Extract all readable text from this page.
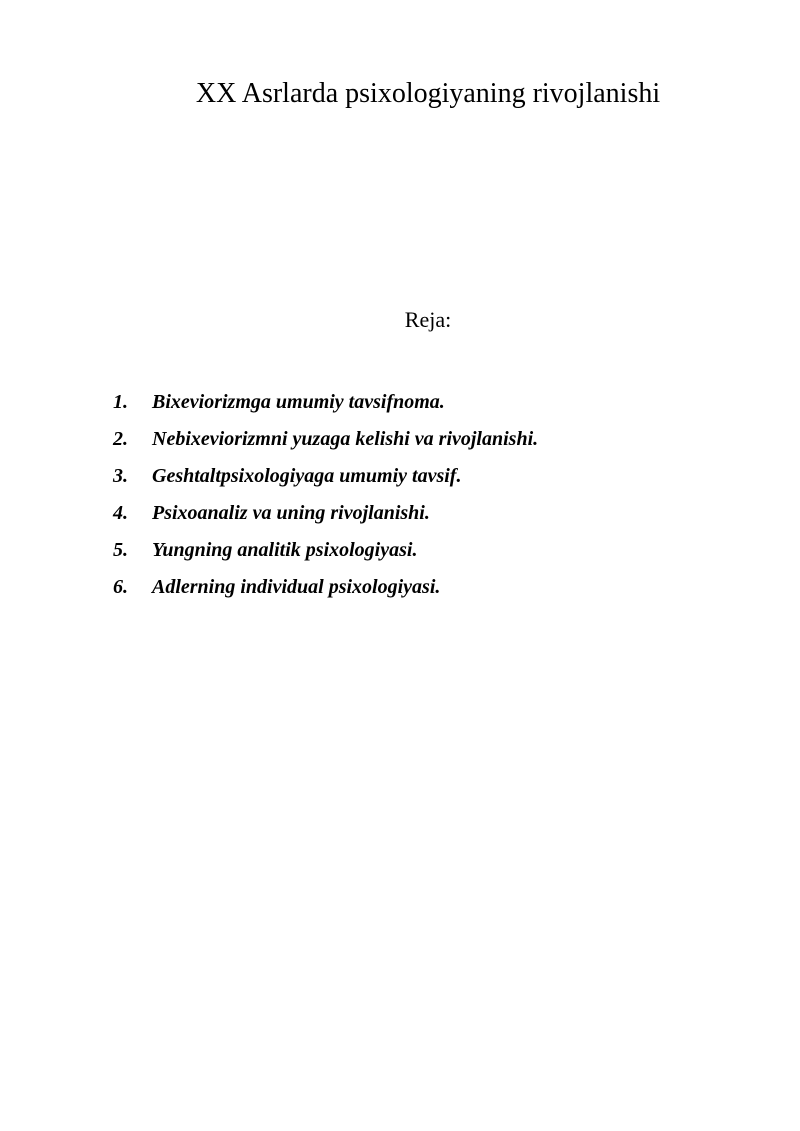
XX Asrlarda psixologiyaning rivojlanishi
Reja:
1.	Bixeviorizmga umumiy tavsifnoma.
2.	Nebixeviorizmni yuzaga kelishi va rivojlanishi.
3.	Geshtaltpsixologiyaga umumiy tavsif.
4.	Psixoanaliz va uning rivojlanishi.
5.	Yungning analitik psixologiyasi.
6.	Adlerning individual psixologiyasi.
